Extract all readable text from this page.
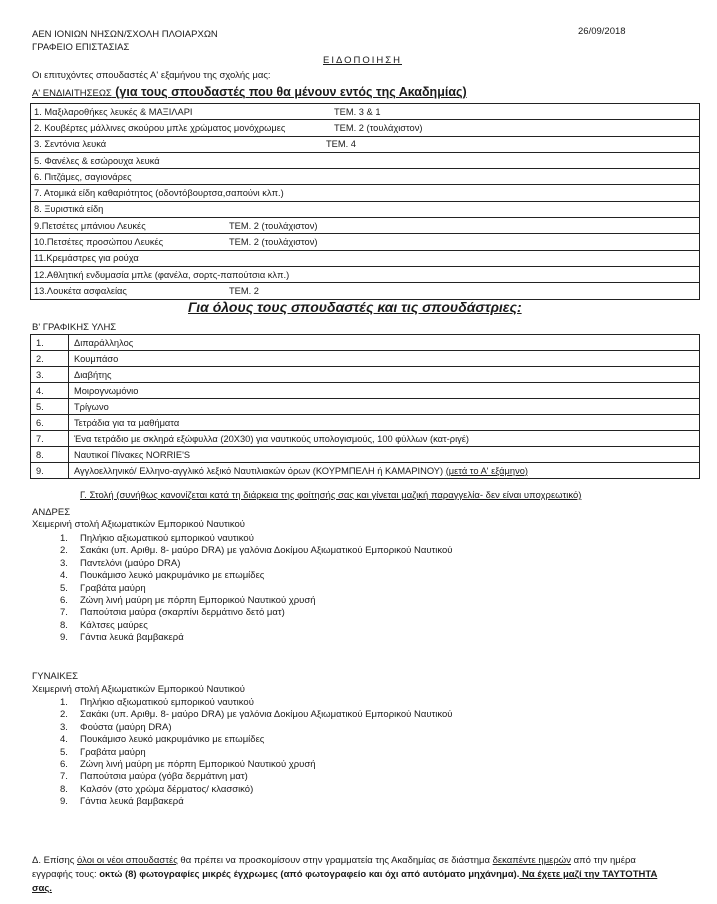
ΑΕΝ ΙΟΝΙΩΝ ΝΗΣΩΝ/ΣΧΟΛΗ ΠΛΟΙΑΡΧΩΝ
ΓΡΑΦΕΙΟ ΕΠΙΣΤΑΣΙΑΣ
26/09/2018
ΕΙΔΟΠΟΙΗΣΗ
Οι επιτυχόντες σπουδαστές Α' εξαμήνου της σχολής μας:
Α' ΕΝΔΙΑΙΤΗΣΕΩΣ (για τους σπουδαστές που θα μένουν εντός της Ακαδημίας)
1. Μαξιλαροθήκες λευκές & ΜΑΞΙΛΑΡΙ	ΤΕΜ. 3 & 1
2. Κουβέρτες μάλλινες σκούρου μπλε χρώματος μονόχρωμες	ΤΕΜ. 2 (τουλάχιστον)
3. Σεντόνια λευκά	ΤΕΜ. 4
5. Φανέλες & εσώρουχα λευκά
6. Πιτζάμες, σαγιονάρες
7. Ατομικά είδη καθαριότητος (οδοντόβουρτσα,σαπούνι κλπ.)
8. Ξυριστικά είδη
9.Πετσέτες μπάνιου Λευκές	ΤΕΜ. 2 (τουλάχιστον)
10.Πετσέτες προσώπου Λευκές	ΤΕΜ. 2 (τουλάχιστον)
11.Κρεμάστρες για ρούχα
12.Αθλητική ενδυμασία μπλε (φανέλα, σορτς-παπούτσια κλπ.)
13.Λουκέτα ασφαλείας	ΤΕΜ. 2
Για όλους τους σπουδαστές και τις σπουδάστριες:
Β' ΓΡΑΦΙΚΗΣ ΥΛΗΣ
1.	Διπαράλληλος
2.	Κουμπάσο
3.	Διαβήτης
4.	Μοιρογνωμόνιο
5.	Τρίγωνο
6.	Τετράδια για τα μαθήματα
7.	Ένα τετράδιο με σκληρά εξώφυλλα (20Χ30) για ναυτικούς υπολογισμούς, 100 φύλλων (κατ-ριγέ)
8.	Ναυτικοί Πίνακες NORRIE'S
9.	Αγγλοελληνικό/ Ελληνο-αγγλικό λεξικό Ναυτιλιακών όρων (ΚΟΥΡΜΠΕΛΗ ή ΚΑΜΑΡΙΝΟΥ) (μετά το Α' εξάμηνο)
Γ. Στολή (συνήθως κανονίζεται κατά τη διάρκεια της φοίτησής σας και γίνεται μαζική παραγγελία- δεν είναι υποχρεωτικό)
ΑΝΔΡΕΣ
Χειμερινή στολή Αξιωματικών Εμπορικού Ναυτικού
1. Πηλήκιο αξιωματικού εμπορικού ναυτικού
2. Σακάκι (υπ. Αριθμ. 8- μαύρο DRA) με γαλόνια Δοκίμου Αξιωματικού Εμπορικού Ναυτικού
3. Παντελόνι (μαύρο DRA)
4. Πουκάμισο λευκό μακρυμάνικο με επωμίδες
5. Γραβάτα μαύρη
6. Ζώνη λινή μαύρη με πόρπη Εμπορικού Ναυτικού χρυσή
7. Παπούτσια μαύρα (σκαρπίνι δερμάτινο δετό ματ)
8. Κάλτσες μαύρες
9. Γάντια λευκά βαμβακερά
ΓΥΝΑΙΚΕΣ
Χειμερινή στολή Αξιωματικών Εμπορικού Ναυτικού
1. Πηλήκιο αξιωματικού εμπορικού ναυτικού
2. Σακάκι (υπ. Αριθμ. 8- μαύρο DRA) με γαλόνια Δοκίμου Αξιωματικού Εμπορικού Ναυτικού
3. Φούστα (μαύρη DRA)
4. Πουκάμισο λευκό μακρυμάνικο με επωμίδες
5. Γραβάτα μαύρη
6. Ζώνη λινή μαύρη με πόρπη Εμπορικού Ναυτικού χρυσή
7. Παπούτσια μαύρα (γόβα δερμάτινη ματ)
8. Καλσόν (στο χρώμα δέρματος/ κλασσικό)
9. Γάντια λευκά βαμβακερά
Δ. Επίσης όλοι οι νέοι σπουδαστές θα πρέπει να προσκομίσουν στην γραμματεία της Ακαδημίας σε διάστημα δεκαπέντε ημερών από την ημέρα
εγγραφής τους: οκτώ (8) φωτογραφίες μικρές έγχρωμες (από φωτογραφείο και όχι από αυτόματο μηχάνημα). Να έχετε μαζί την ΤΑΥΤΟΤΗΤΑ
σας.
